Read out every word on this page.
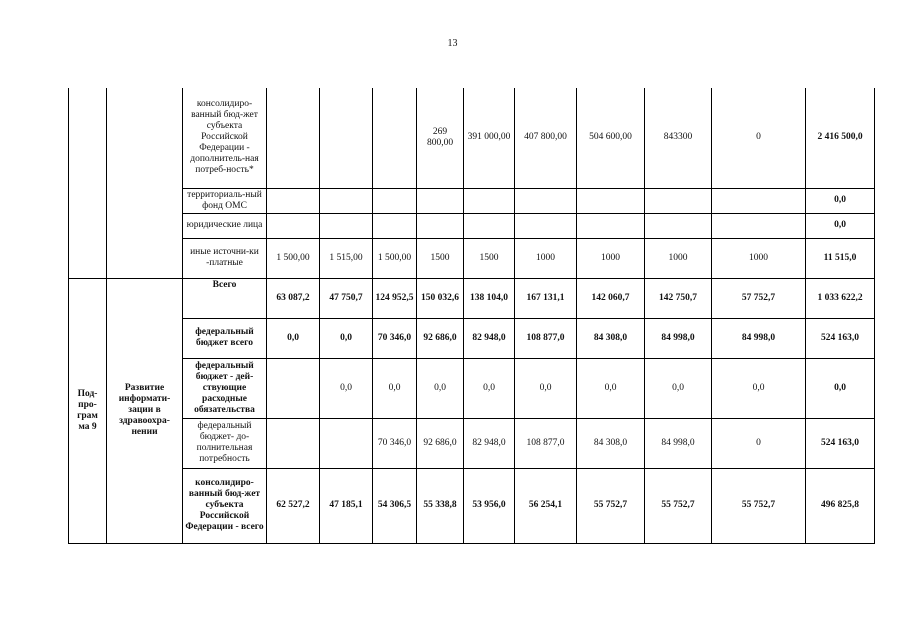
13
		консолидиро-ванный бюд-жет субъекта Российской Федерации - дополнитель-ная потреб-ность*				269 800,00	391 000,00	407 800,00	504 600,00	843300	0	2 416 500,0
		территориаль-ный фонд ОМС										0,0
		юридические лица										0,0
		иные источни-ки -платные	1 500,00	1 515,00	1 500,00	1500	1500	1000	1000	1000	1000	11 515,0
Под-про-грам ма 9	Развитие информати-зации в здравоохра-нении	Всего	63 087,2	47 750,7	124 952,5	150 032,6	138 104,0	167 131,1	142 060,7	142 750,7	57 752,7	1 033 622,2
		федеральный бюджет всего	0,0	0,0	70 346,0	92 686,0	82 948,0	108 877,0	84 308,0	84 998,0	84 998,0	524 163,0
		федеральный бюджет - дей-ствующие расходные обязательства		0,0	0,0	0,0	0,0	0,0	0,0	0,0	0,0	0,0
		федеральный бюджет- до-полнительная потребность			70 346,0	92 686,0	82 948,0	108 877,0	84 308,0	84 998,0	0	524 163,0
		консолидиро-ванный бюд-жет субъекта Российской Федерации - всего	62 527,2	47 185,1	54 306,5	55 338,8	53 956,0	56 254,1	55 752,7	55 752,7	55 752,7	496 825,8
